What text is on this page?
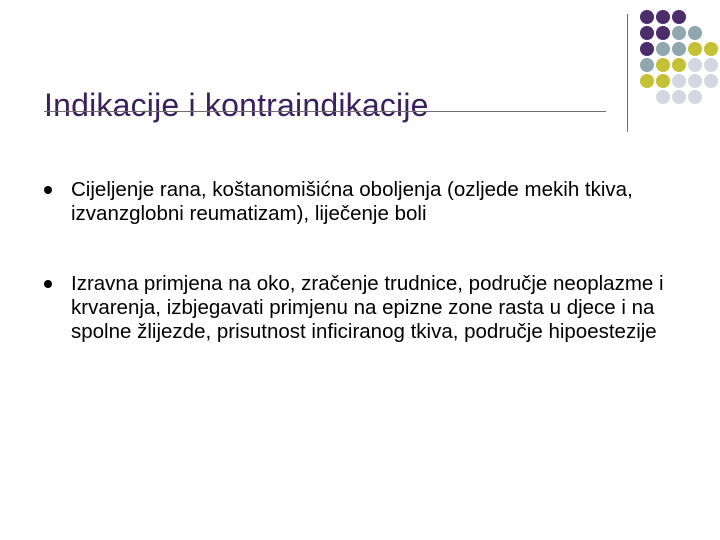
Indikacije i kontraindikacije
Cijeljenje rana, koštanomišićna oboljenja (ozljede mekih tkiva, izvanzglobni reumatizam), liječenje boli
Izravna primjena na oko, zračenje trudnice, područje neoplazme i krvarenja, izbjegavati primjenu na epizne zone rasta u djece i na spolne žlijezde, prisutnost inficiranog tkiva, područje hipoestezije
